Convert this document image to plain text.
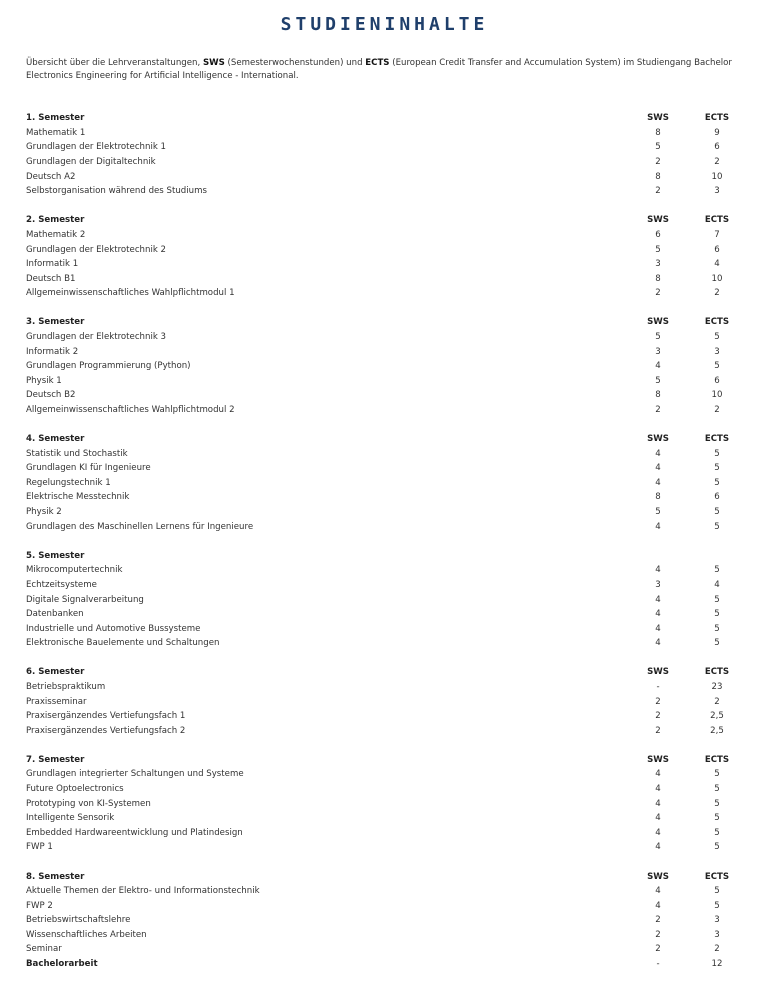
STUDIENINHALTE
Übersicht über die Lehrveranstaltungen, SWS (Semesterwochenstunden) und ECTS (European Credit Transfer and Accumulation System) im Studiengang Bachelor Electronics Engineering for Artificial Intelligence - International.
1. Semester	SWS	ECTS
Mathematik 1	8	9
Grundlagen der Elektrotechnik 1	5	6
Grundlagen der Digitaltechnik	2	2
Deutsch A2	8	10
Selbstorganisation während des Studiums	2	3
2. Semester	SWS	ECTS
Mathematik 2	6	7
Grundlagen der Elektrotechnik 2	5	6
Informatik 1	3	4
Deutsch B1	8	10
Allgemeinwissenschaftliches Wahlpflichtmodul 1	2	2
3. Semester	SWS	ECTS
Grundlagen der Elektrotechnik 3	5	5
Informatik 2	3	3
Grundlagen Programmierung (Python)	4	5
Physik 1	5	6
Deutsch B2	8	10
Allgemeinwissenschaftliches Wahlpflichtmodul 2	2	2
4. Semester	SWS	ECTS
Statistik und Stochastik	4	5
Grundlagen KI für Ingenieure	4	5
Regelungstechnik 1	4	5
Elektrische Messtechnik	8	6
Physik 2	5	5
Grundlagen des Maschinellen Lernens für Ingenieure	4	5
5. Semester
Mikrocomputertechnik	4	5
Echtzeitsysteme	3	4
Digitale Signalverarbeitung	4	5
Datenbanken	4	5
Industrielle und Automotive Bussysteme	4	5
Elektronische Bauelemente und Schaltungen	4	5
6. Semester	SWS	ECTS
Betriebspraktikum	-	23
Praxisseminar	2	2
Praxisergänzendes Vertiefungsfach 1	2	2,5
Praxisergänzendes Vertiefungsfach 2	2	2,5
7. Semester	SWS	ECTS
Grundlagen integrierter Schaltungen und Systeme	4	5
Future Optoelectronics	4	5
Prototyping von KI-Systemen	4	5
Intelligente Sensorik	4	5
Embedded Hardwareentwicklung und Platindesign	4	5
FWP 1	4	5
8. Semester	SWS	ECTS
Aktuelle Themen der Elektro- und Informationstechnik	4	5
FWP 2	4	5
Betriebswirtschaftslehre	2	3
Wissenschaftliches Arbeiten	2	3
Seminar	2	2
Bachelorarbeit	-	12
